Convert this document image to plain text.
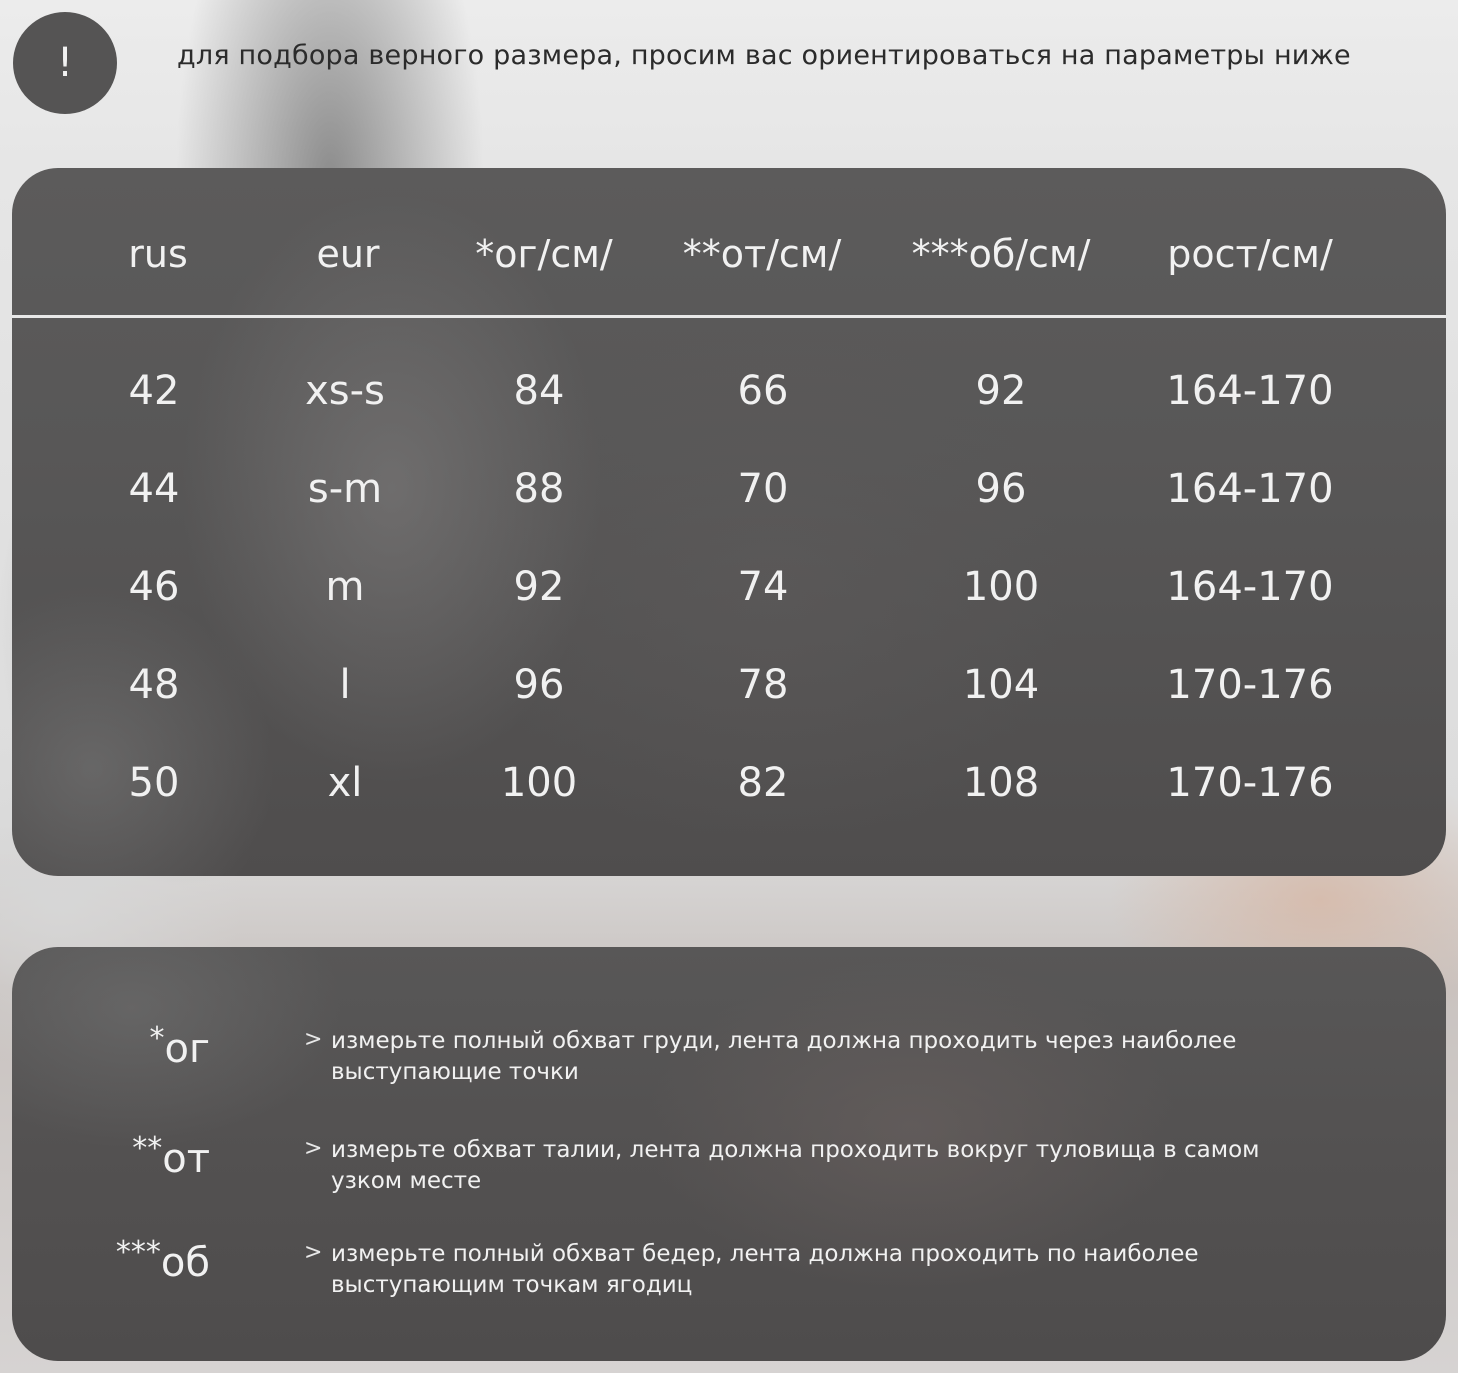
!	для подбора верного размера, просим вас ориентироваться на параметры ниже
rus	eur	*ог/см/ **от/см/ ***об/см/ рост/см/
42	xs-s	84	66	92	164-170
44	s-m	88	70	96	164-170
46	m	92	74	100	164-170
48	l	96	78	104	170-176
50	xl	100	82	108	170-176
*ог	> измерьте полный обхват груди, лента должна проходить через наиболее выступающие точки
**от	> измерьте обхват талии, лента должна проходить вокруг туловища в самом узком месте
***об	> измерьте полный обхват бедер, лента должна проходить по наиболее выступающим точкам ягодиц
